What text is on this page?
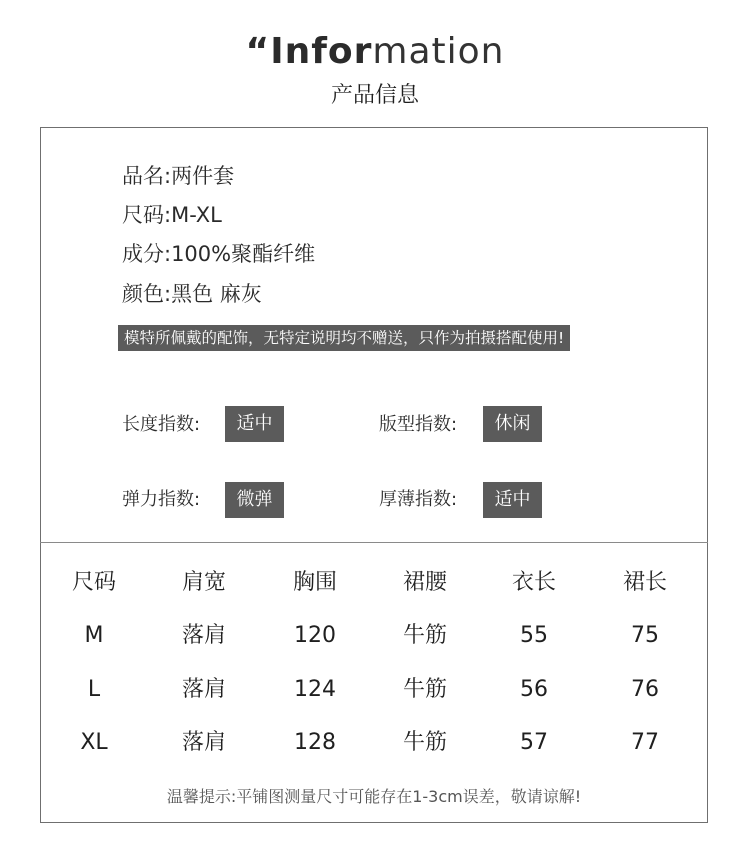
“Information
产品信息
品名:两件套
尺码:M-XL
成分:100%聚酯纤维
颜色:黑色 麻灰
模特所佩戴的配饰，无特定说明均不赠送，只作为拍摄搭配使用!
长度指数:	适中	版型指数:	休闲
弹力指数:	微弹	厚薄指数:	适中
尺码	肩宽	胸围	裙腰	衣长	裙长
M	落肩	120	牛筋	55	75
L	落肩	124	牛筋	56	76
XL	落肩	128	牛筋	57	77
温馨提示:平铺图测量尺寸可能存在1-3cm误差，敬请谅解!
